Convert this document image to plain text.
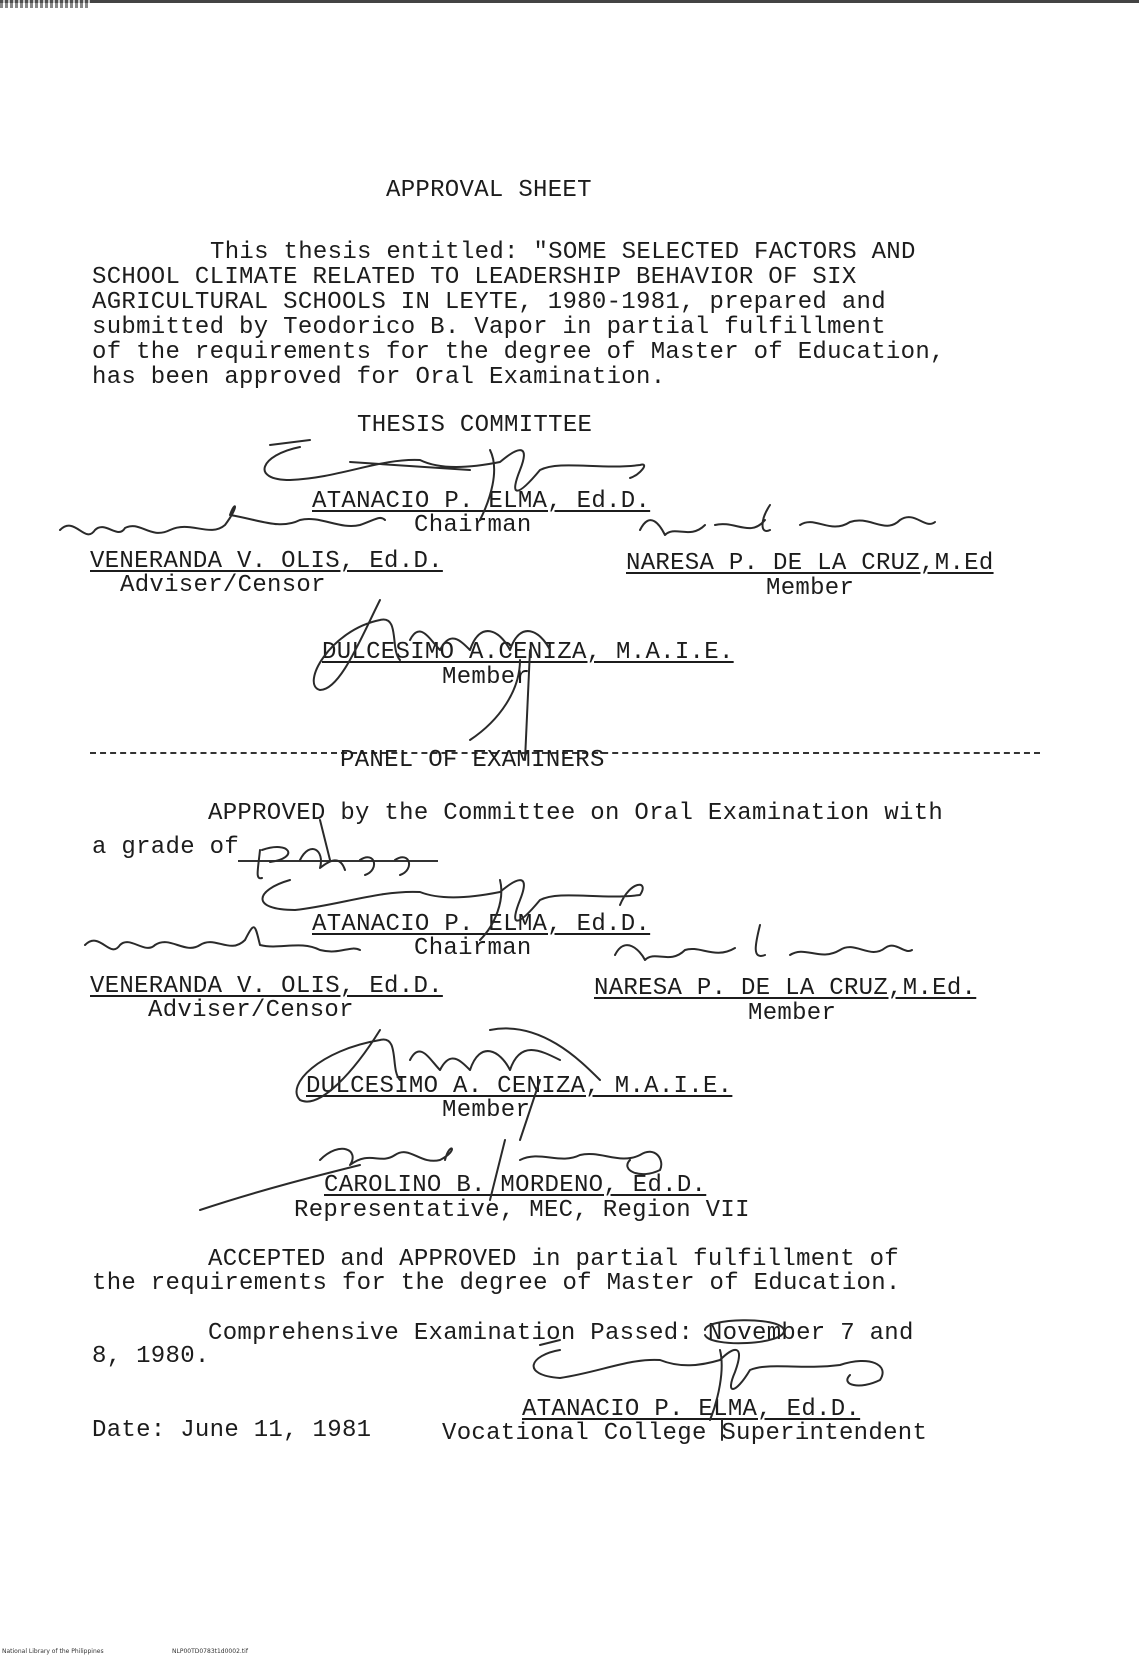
APPROVAL SHEET
This thesis entitled: "SOME SELECTED FACTORS AND
SCHOOL CLIMATE RELATED TO LEADERSHIP BEHAVIOR OF SIX
AGRICULTURAL SCHOOLS IN LEYTE, 1980-1981, prepared and
submitted by Teodorico B. Vapor in partial fulfillment
of the requirements for the degree of Master of Education,
has been approved for Oral Examination.
THESIS COMMITTEE
ATANACIO P. ELMA, Ed.D.
Chairman
VENERANDA V. OLIS, Ed.D.
Adviser/Censor
NARESA P. DE LA CRUZ,M.Ed
Member
DULCESIMO A.CENIZA, M.A.I.E.
Member
PANEL OF EXAMINERS
APPROVED by the Committee on Oral Examination with
a grade of
ATANACIO P. ELMA, Ed.D.
Chairman
VENERANDA V. OLIS, Ed.D.
Adviser/Censor
NARESA P. DE LA CRUZ,M.Ed.
Member
DULCESIMO A. CENIZA, M.A.I.E.
Member
CAROLINO B. MORDENO, Ed.D.
Representative, MEC, Region VII
ACCEPTED and APPROVED in partial fulfillment of
the requirements for the degree of Master of Education.
Comprehensive Examination Passed: November 7 and
8, 1980.
ATANACIO P. ELMA, Ed.D.
Date: June 11, 1981	Vocational College Superintendent
National Library of the Philippines	NLP00TD0783t1d0002.tif
